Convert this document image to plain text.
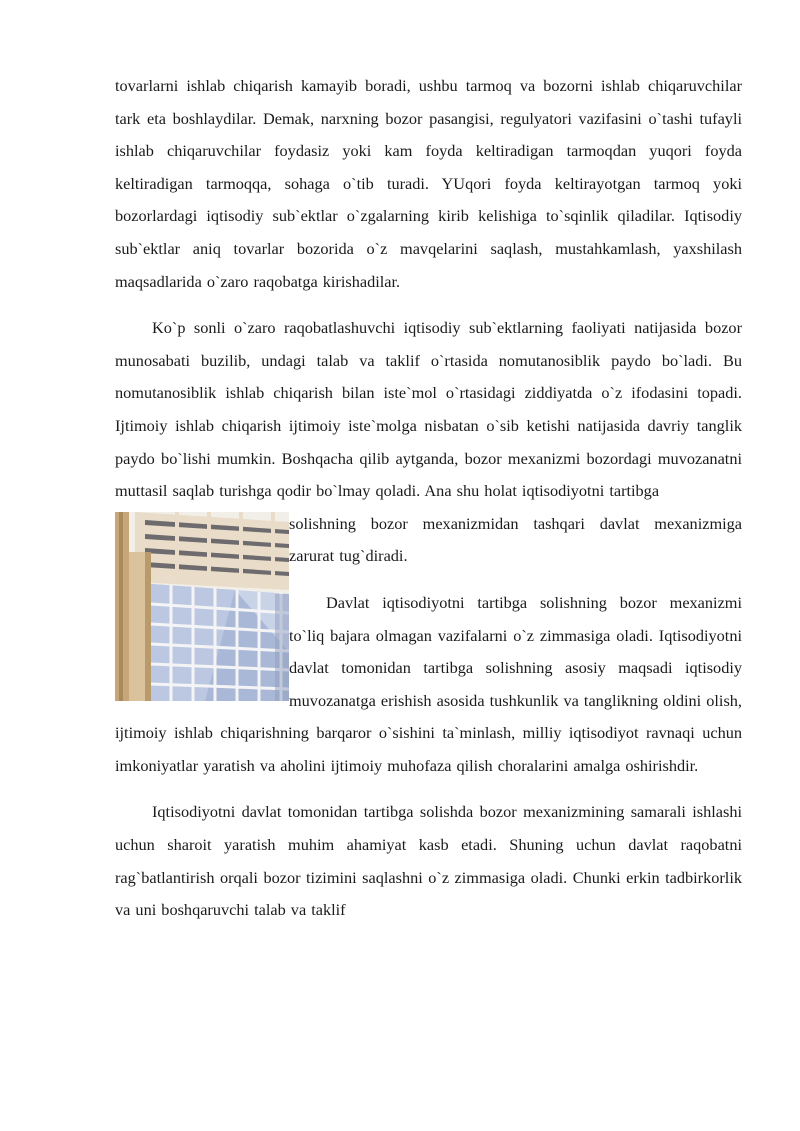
tovarlarni ishlab chiqarish kamayib boradi, ushbu tarmoq va bozorni ishlab chiqaruvchilar tark eta boshlaydilar. Demak, narxning bozor pasangisi, regulyatori vazifasini o`tashi tufayli ishlab chiqaruvchilar foydasiz yoki kam foyda keltiradigan tarmoqdan yuqori foyda keltiradigan tarmoqqa, sohaga o`tib turadi. YUqori foyda keltirayotgan tarmoq yoki bozorlardagi iqtisodiy sub`ektlar o`zgalarning kirib kelishiga to`sqinlik qiladilar. Iqtisodiy sub`ektlar aniq tovarlar bozorida o`z mavqelarini saqlash, mustahkamlash, yaxshilash maqsadlarida o`zaro raqobatga kirishadilar.

Ko`p sonli o`zaro raqobatlashuvchi iqtisodiy sub`ektlarning faoliyati natijasida bozor munosabati buzilib, undagi talab va taklif o`rtasida nomutanosiblik paydo bo`ladi. Bu nomutanosiblik ishlab chiqarish bilan iste`mol o`rtasidagi ziddiyatda o`z ifodasini topadi. Ijtimoiy ishlab chiqarish ijtimoiy iste`molga nisbatan o`sib ketishi natijasida davriy tanglik paydo bo`lishi mumkin. Boshqacha qilib aytganda, bozor mexanizmi bozordagi muvozanatni muttasil saqlab turishga qodir bo`lmay qoladi. Ana shu holat iqtisodiyotni tartibga

solishning bozor mexanizmidan tashqari davlat mexanizmiga zarurat tug`diradi.

Davlat iqtisodiyotni tartibga solishning bozor mexanizmi to`liq bajara olmagan vazifalarni o`z zimmasiga oladi. Iqtisodiyotni davlat tomonidan tartibga solishning asosiy maqsadi iqtisodiy muvozanatga erishish asosida tushkunlik va tanglikning oldini olish, ijtimoiy ishlab chiqarishning barqaror o`sishini ta`minlash, milliy iqtisodiyot ravnaqi uchun imkoniyatlar yaratish va aholini ijtimoiy muhofaza qilish choralarini amalga oshirishdir.

Iqtisodiyotni davlat tomonidan tartibga solishda bozor mexanizmining samarali ishlashi uchun sharoit yaratish muhim ahamiyat kasb etadi. Shuning uchun davlat raqobatni rag`batlantirish orqali bozor tizimini saqlashni o`z zimmasiga oladi. Chunki erkin tadbirkorlik va uni boshqaruvchi talab va taklif
